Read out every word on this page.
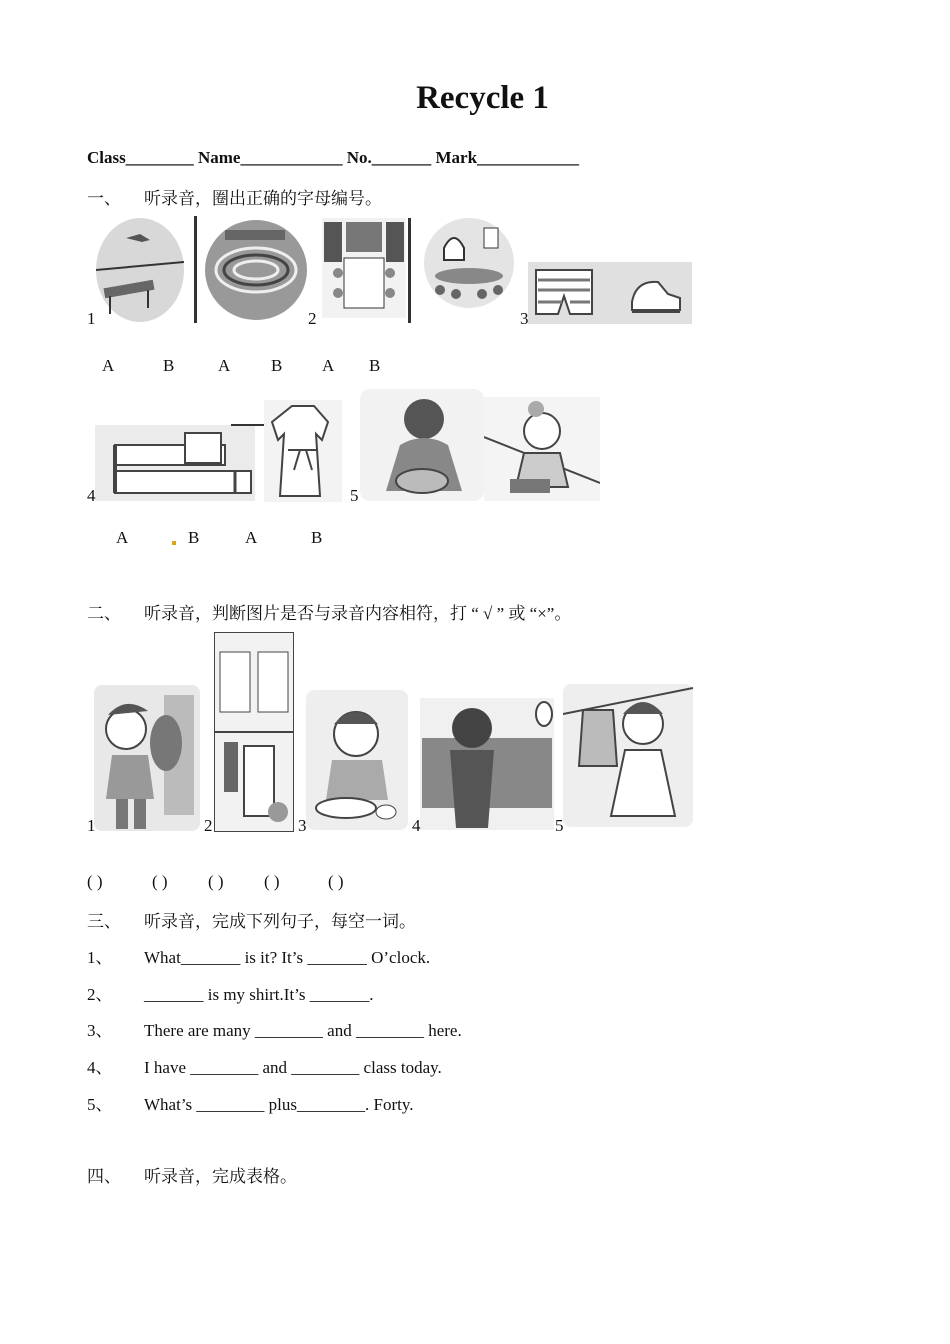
Recycle 1
Class________ Name____________ No._______ Mark____________
一、 听录音，圈出正确的字母编号。
1	2	3
A	B	A B A B
4	5
A	B	A	B
二、 听录音，判断图片是否与录音内容相符，打 “ √ ” 或 “×”。
1	2	3	4	5
( )	( ) ( ) ( )	( )
三、 听录音，完成下列句子，每空一词。
1、 What_______ is it? It’s _______ O’clock.
2、 _______ is my shirt.It’s _______.
3、 There are many ________ and ________ here.
4、 I have ________ and ________ class today.
5、 What’s ________ plus________. Forty.
四、 听录音，完成表格。
